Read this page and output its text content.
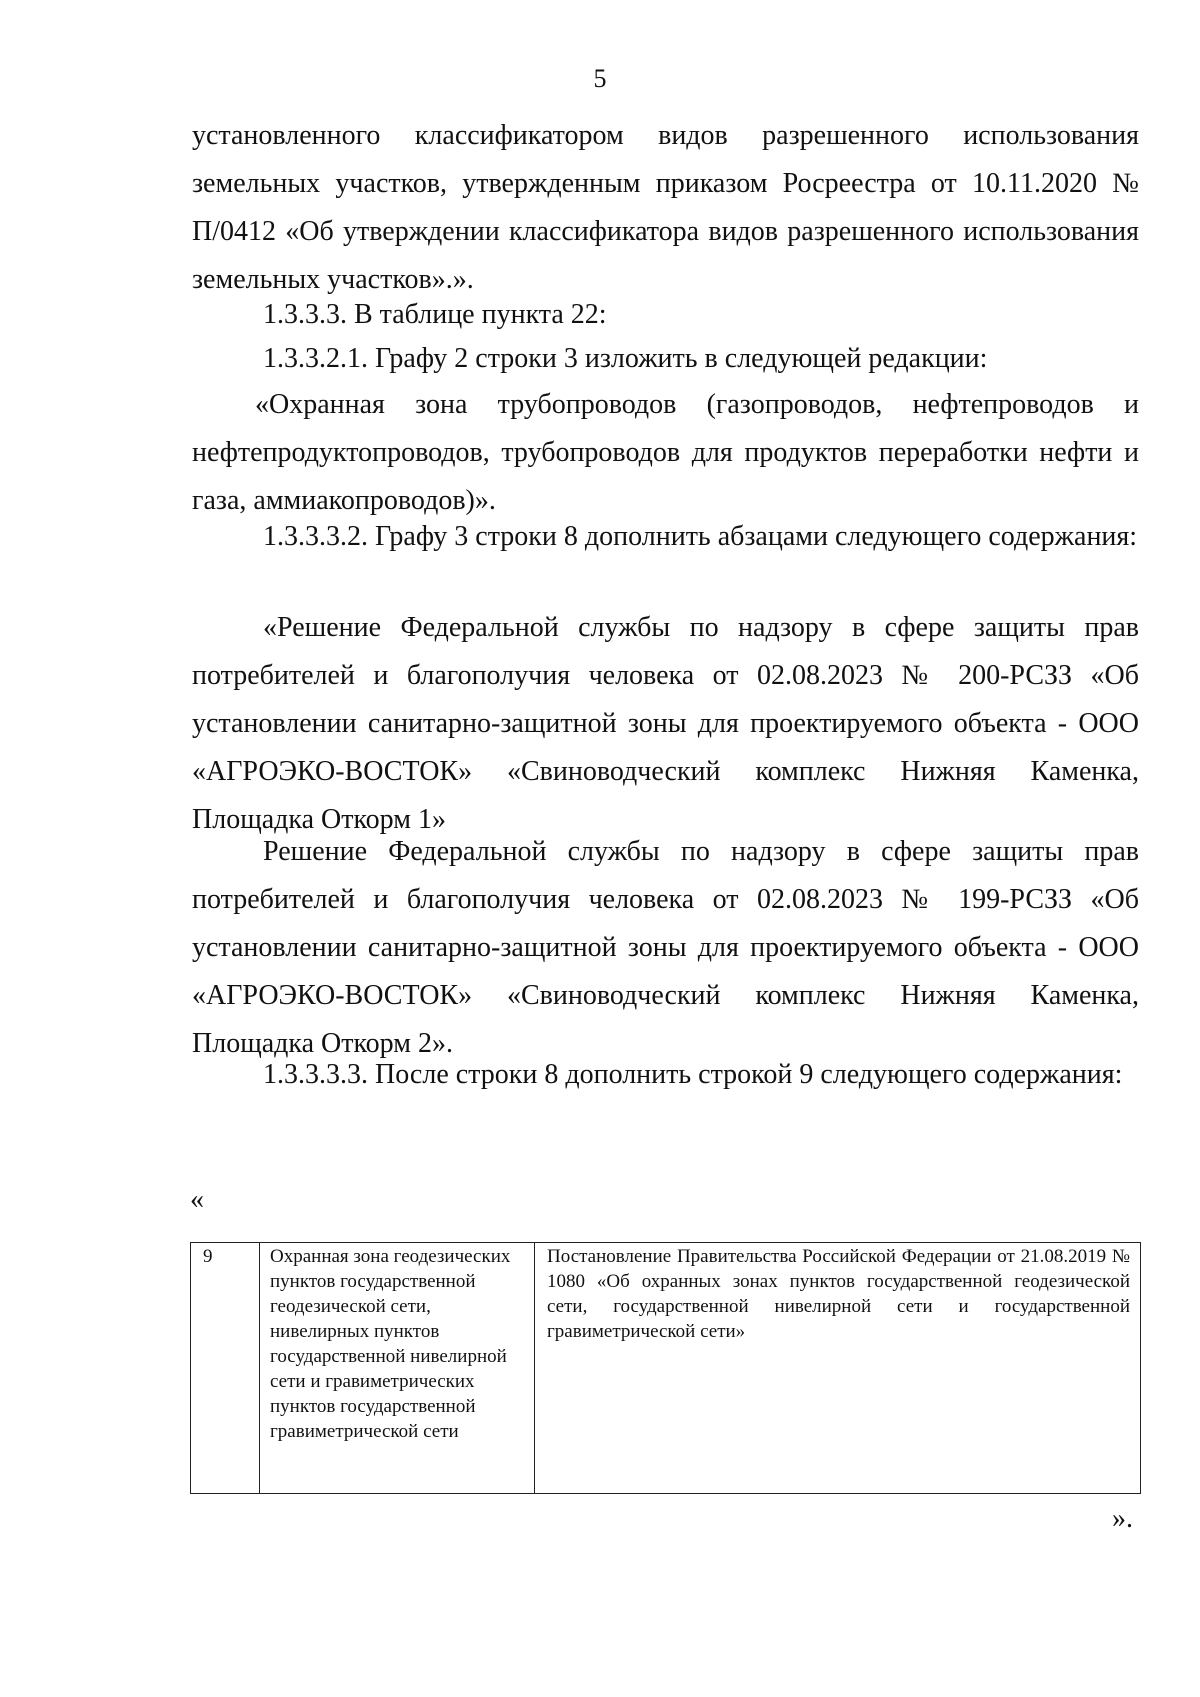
5

установленного классификатором видов разрешенного использования земельных участков, утвержденным приказом Росреестра от 10.11.2020 № П/0412 «Об утверждении классификатора видов разрешенного использования земельных участков».».

1.3.3.3. В таблице пункта 22:

1.3.3.2.1. Графу 2 строки 3 изложить в следующей редакции:

«Охранная зона трубопроводов (газопроводов, нефтепроводов и нефтепродуктопроводов, трубопроводов для продуктов переработки нефти и газа, аммиакопроводов)».

1.3.3.3.2. Графу 3 строки 8 дополнить абзацами следующего содержания:

«Решение Федеральной службы по надзору в сфере защиты прав потребителей и благополучия человека от 02.08.2023 № 200-РСЗЗ «Об установлении санитарно-защитной зоны для проектируемого объекта - ООО «АГРОЭКО-ВОСТОК» «Свиноводческий комплекс Нижняя Каменка, Площадка Откорм 1»

Решение Федеральной службы по надзору в сфере защиты прав потребителей и благополучия человека от 02.08.2023 № 199-РСЗЗ «Об установлении санитарно-защитной зоны для проектируемого объекта - ООО «АГРОЭКО-ВОСТОК» «Свиноводческий комплекс Нижняя Каменка, Площадка Откорм 2».

1.3.3.3.3. После строки 8 дополнить строкой 9 следующего содержания:

«
9	Охранная зона геодезических пунктов государственной геодезической сети, нивелирных пунктов государственной нивелирной сети и гравиметрических пунктов государственной гравиметрической сети	Постановление Правительства Российской Федерации от 21.08.2019 № 1080 «Об охранных зонах пунктов государственной геодезической сети, государственной нивелирной сети и государственной гравиметрической сети»
».
